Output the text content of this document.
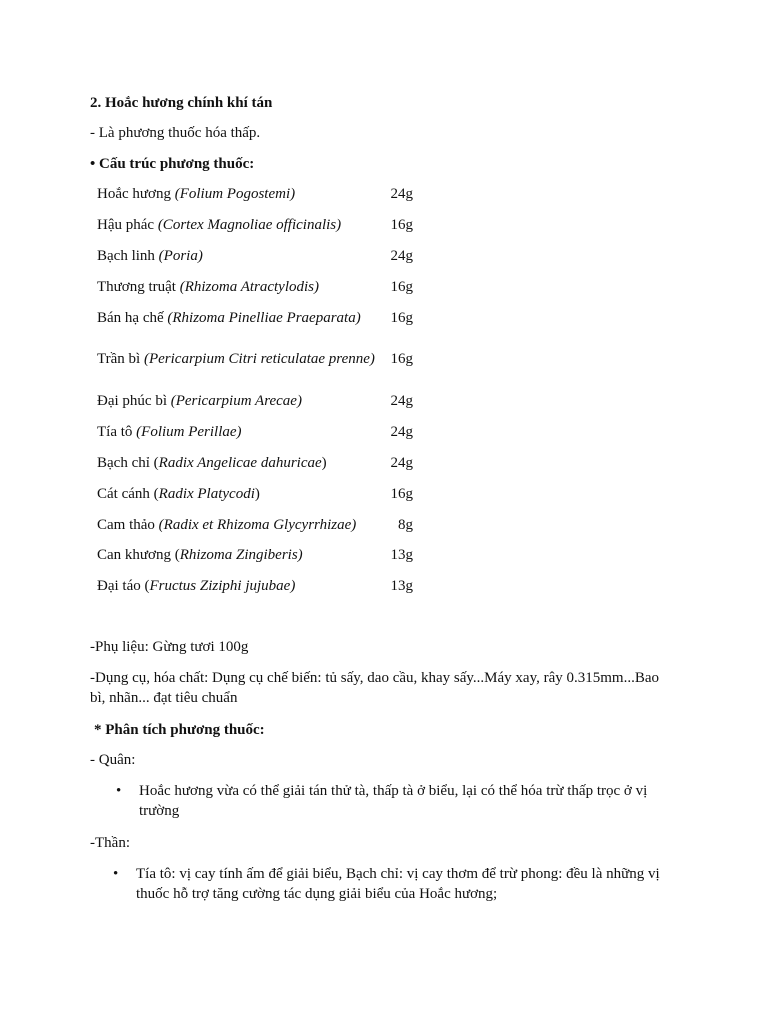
2. Hoắc hương chính khí tán

- Là phương thuốc hóa thấp.

• Cấu trúc phương thuốc:

Hoắc hương (Folium Pogostemi)	24g
Hậu phác (Cortex Magnoliae officinalis)	16g
Bạch linh (Poria)	24g
Thương truật (Rhizoma Atractylodis)	16g
Bán hạ chế (Rhizoma Pinelliae Praeparata)	16g
Trần bì (Pericarpium Citri reticulatae prenne)	16g
Đại phúc bì (Pericarpium Arecae)	24g
Tía tô (Folium Perillae)	24g
Bạch chỉ (Radix Angelicae dahuricae)	24g
Cát cánh (Radix Platycodi)	16g
Cam thảo (Radix et Rhizoma Glycyrrhizae)	8g
Can khương (Rhizoma Zingiberis)	13g
Đại táo (Fructus Ziziphi jujubae)	13g

-Phụ liệu: Gừng tươi 100g

-Dụng cụ, hóa chất: Dụng cụ chế biến: tủ sấy, dao cầu, khay sấy...Máy xay, rây 0.315mm...Bao bì, nhãn... đạt tiêu chuẩn

* Phân tích phương thuốc:

- Quân:

• Hoắc hương vừa có thể giải tán thử tà, thấp tà ở biểu, lại có thể hóa trừ thấp trọc ở vị trường

-Thần:

• Tía tô: vị cay tính ấm để giải biểu, Bạch chỉ: vị cay thơm để trừ phong: đều là những vị thuốc hỗ trợ tăng cường tác dụng giải biểu của Hoắc hương;
